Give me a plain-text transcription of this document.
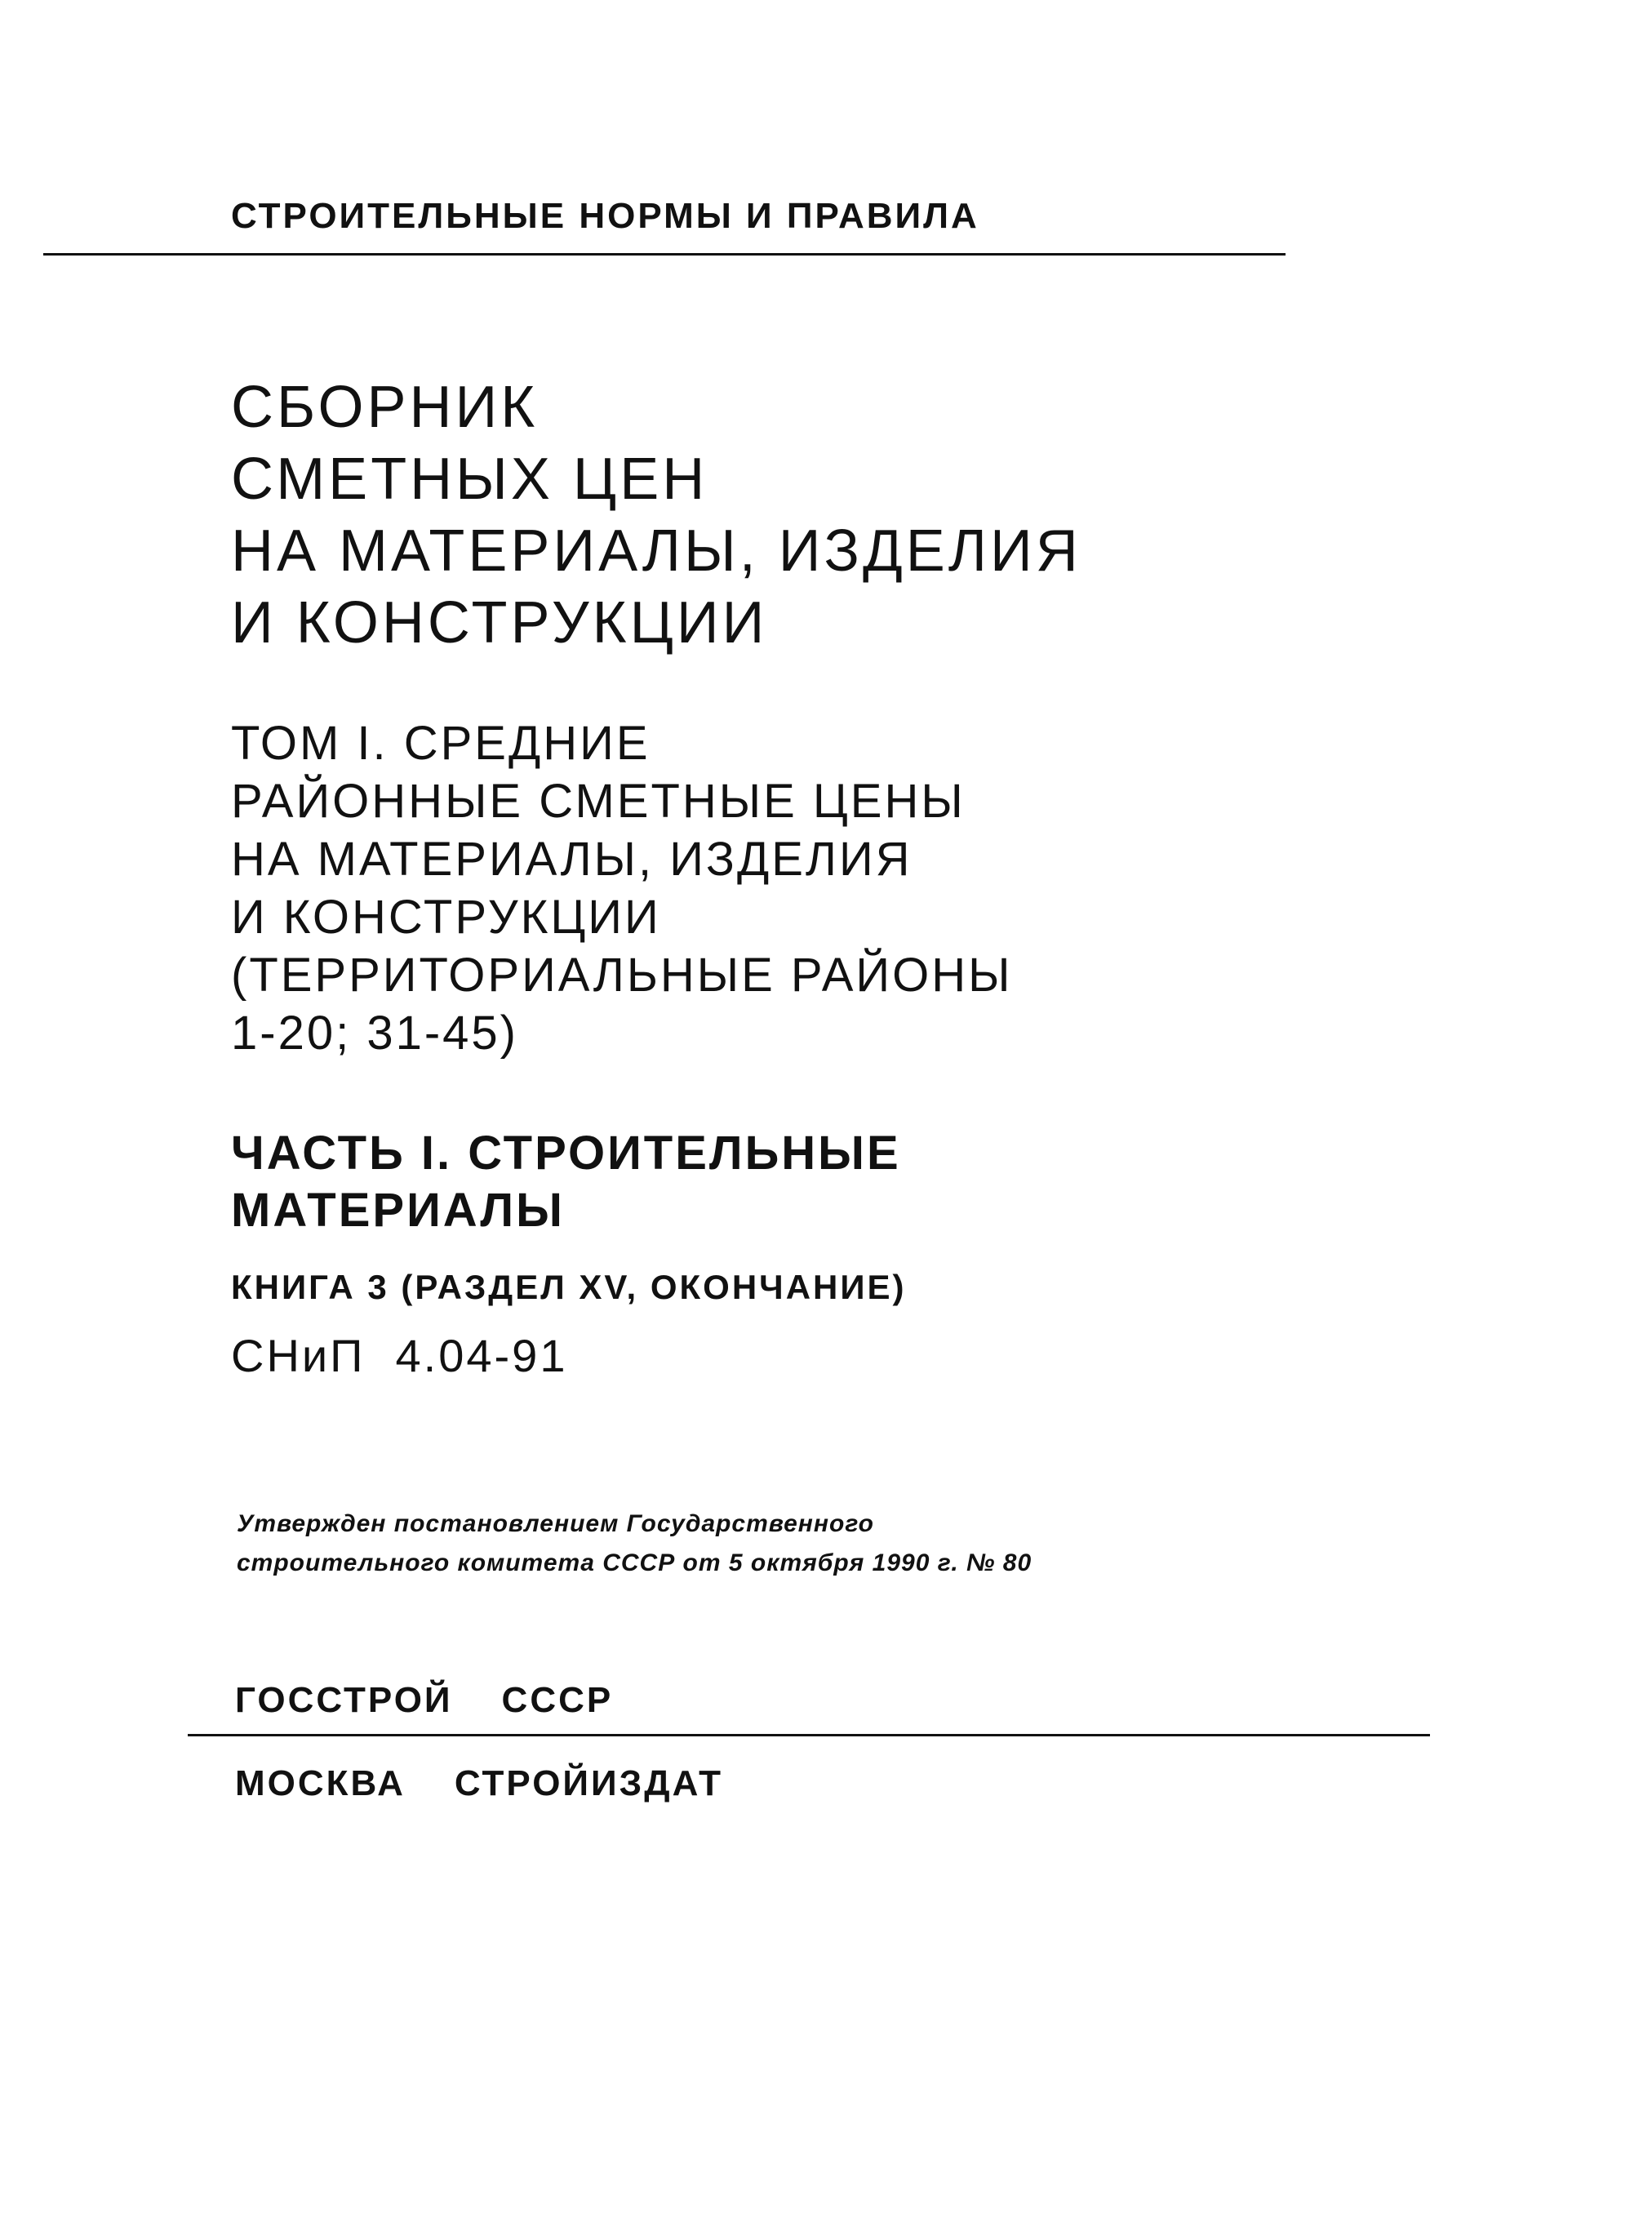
СТРОИТЕЛЬНЫЕ НОРМЫ И ПРАВИЛА
СБОРНИК
СМЕТНЫХ ЦЕН
НА МАТЕРИАЛЫ, ИЗДЕЛИЯ
И КОНСТРУКЦИИ
ТОМ I. СРЕДНИЕ
РАЙОННЫЕ СМЕТНЫЕ ЦЕНЫ
НА МАТЕРИАЛЫ, ИЗДЕЛИЯ
И КОНСТРУКЦИИ
(ТЕРРИТОРИАЛЬНЫЕ РАЙОНЫ
1-20; 31-45)
ЧАСТЬ I. СТРОИТЕЛЬНЫЕ
МАТЕРИАЛЫ
КНИГА 3 (РАЗДЕЛ XV, ОКОНЧАНИЕ)
СНиП  4.04-91
Утвержден постановлением Государственного
строительного комитета СССР от 5 октября 1990 г. № 80
ГОССТРОЙ СССР
МОСКВА СТРОЙИЗДАТ
